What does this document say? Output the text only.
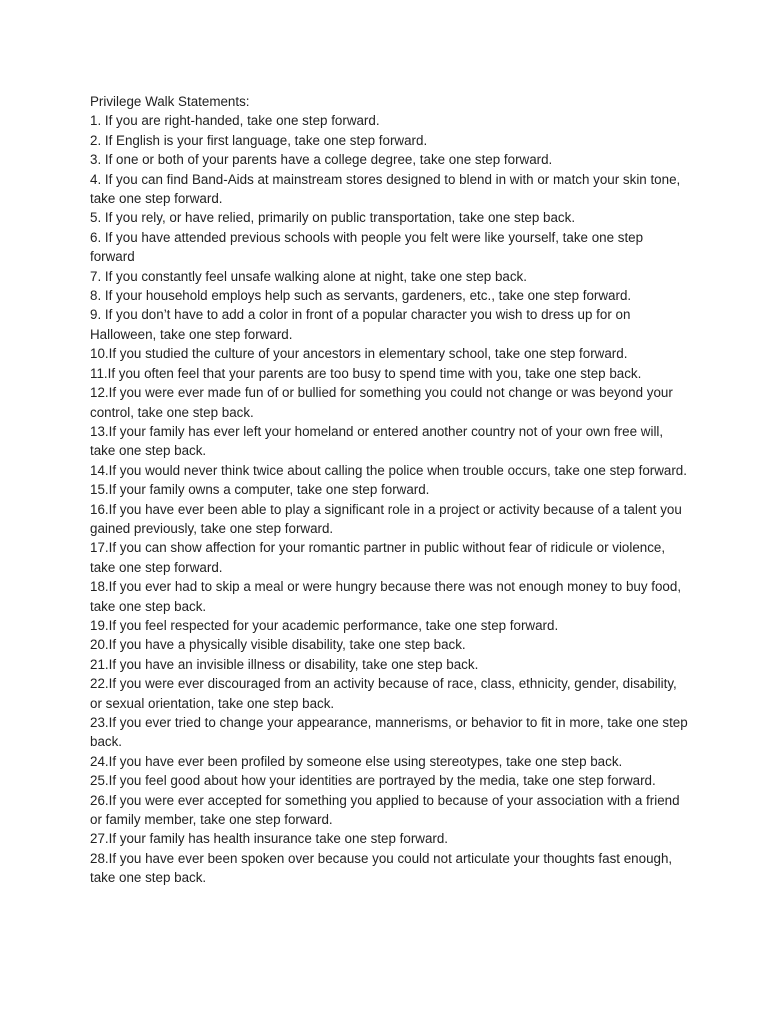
Privilege Walk Statements:
1. If you are right-handed, take one step forward.
2. If English is your first language, take one step forward.
3. If one or both of your parents have a college degree, take one step forward.
4. If you can find Band-Aids at mainstream stores designed to blend in with or match your skin tone, take one step forward.
5. If you rely, or have relied, primarily on public transportation, take one step back.
6. If you have attended previous schools with people you felt were like yourself, take one step forward
7. If you constantly feel unsafe walking alone at night, take one step back.
8. If your household employs help such as servants, gardeners, etc., take one step forward.
9. If you don’t have to add a color in front of a popular character you wish to dress up for on Halloween, take one step forward.
10.If you studied the culture of your ancestors in elementary school, take one step forward.
11.If you often feel that your parents are too busy to spend time with you, take one step back.
12.If you were ever made fun of or bullied for something you could not change or was beyond your control, take one step back.
13.If your family has ever left your homeland or entered another country not of your own free will, take one step back.
14.If you would never think twice about calling the police when trouble occurs, take one step forward.
15.If your family owns a computer, take one step forward.
16.If you have ever been able to play a significant role in a project or activity because of a talent you gained previously, take one step forward.
17.If you can show affection for your romantic partner in public without fear of ridicule or violence, take one step forward.
18.If you ever had to skip a meal or were hungry because there was not enough money to buy food, take one step back.
19.If you feel respected for your academic performance, take one step forward.
20.If you have a physically visible disability, take one step back.
21.If you have an invisible illness or disability, take one step back.
22.If you were ever discouraged from an activity because of race, class, ethnicity, gender, disability, or sexual orientation, take one step back.
23.If you ever tried to change your appearance, mannerisms, or behavior to fit in more, take one step back.
24.If you have ever been profiled by someone else using stereotypes, take one step back.
25.If you feel good about how your identities are portrayed by the media, take one step forward.
26.If you were ever accepted for something you applied to because of your association with a friend or family member, take one step forward.
27.If your family has health insurance take one step forward.
28.If you have ever been spoken over because you could not articulate your thoughts fast enough, take one step back.
